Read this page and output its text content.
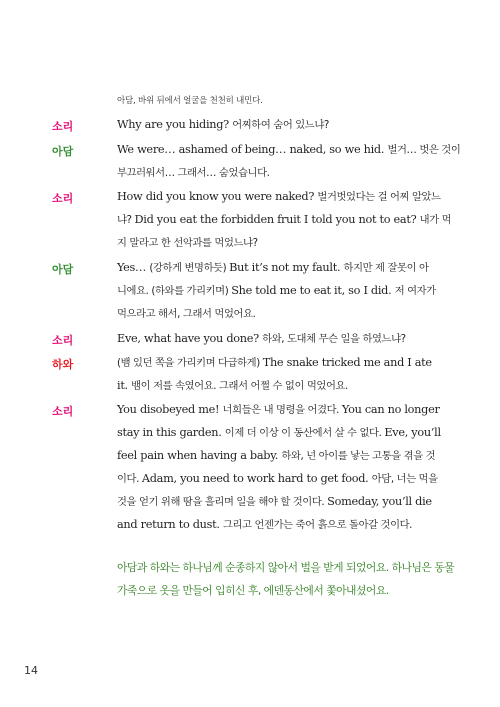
아담, 바위 뒤에서 얼굴을 천천히 내민다.
소리	Why are you hiding? 어찌하여 숨어 있느냐?
아담	We were… ashamed of being… naked, so we hid. 벌거… 벗은 것이
부끄러워서… 그래서… 숨었습니다.
소리	How did you know you were naked? 벌거벗었다는 걸 어찌 알았느
냐? Did you eat the forbidden fruit I told you not to eat? 내가 먹
지 말라고 한 선악과를 먹었느냐?
아담	Yes… (강하게 변명하듯) But it’s not my fault. 하지만 제 잘못이 아
니에요. (하와를 가리키며) She told me to eat it, so I did. 저 여자가
먹으라고 해서, 그래서 먹었어요.
소리	Eve, what have you done? 하와, 도대체 무슨 일을 하였느냐?
하와	(뱀 있던 쪽을 가리키며 다급하게) The snake tricked me and I ate
it. 뱀이 저를 속였어요. 그래서 어쩔 수 없이 먹었어요.
소리	You disobeyed me! 너희들은 내 명령을 어겼다. You can no longer
stay in this garden. 이제 더 이상 이 동산에서 살 수 없다. Eve, you’ll
feel pain when having a baby. 하와, 넌 아이를 낳는 고통을 겪을 것
이다. Adam, you need to work hard to get food. 아담, 너는 먹을
것을 얻기 위해 땀을 흘리며 일을 해야 할 것이다. Someday, you’ll die
and return to dust. 그리고 언젠가는 죽어 흙으로 돌아갈 것이다.
아담과 하와는 하나님께 순종하지 않아서 벌을 받게 되었어요. 하나님은 동물
가죽으로 옷을 만들어 입히신 후, 에덴동산에서 쫓아내셨어요.
14
